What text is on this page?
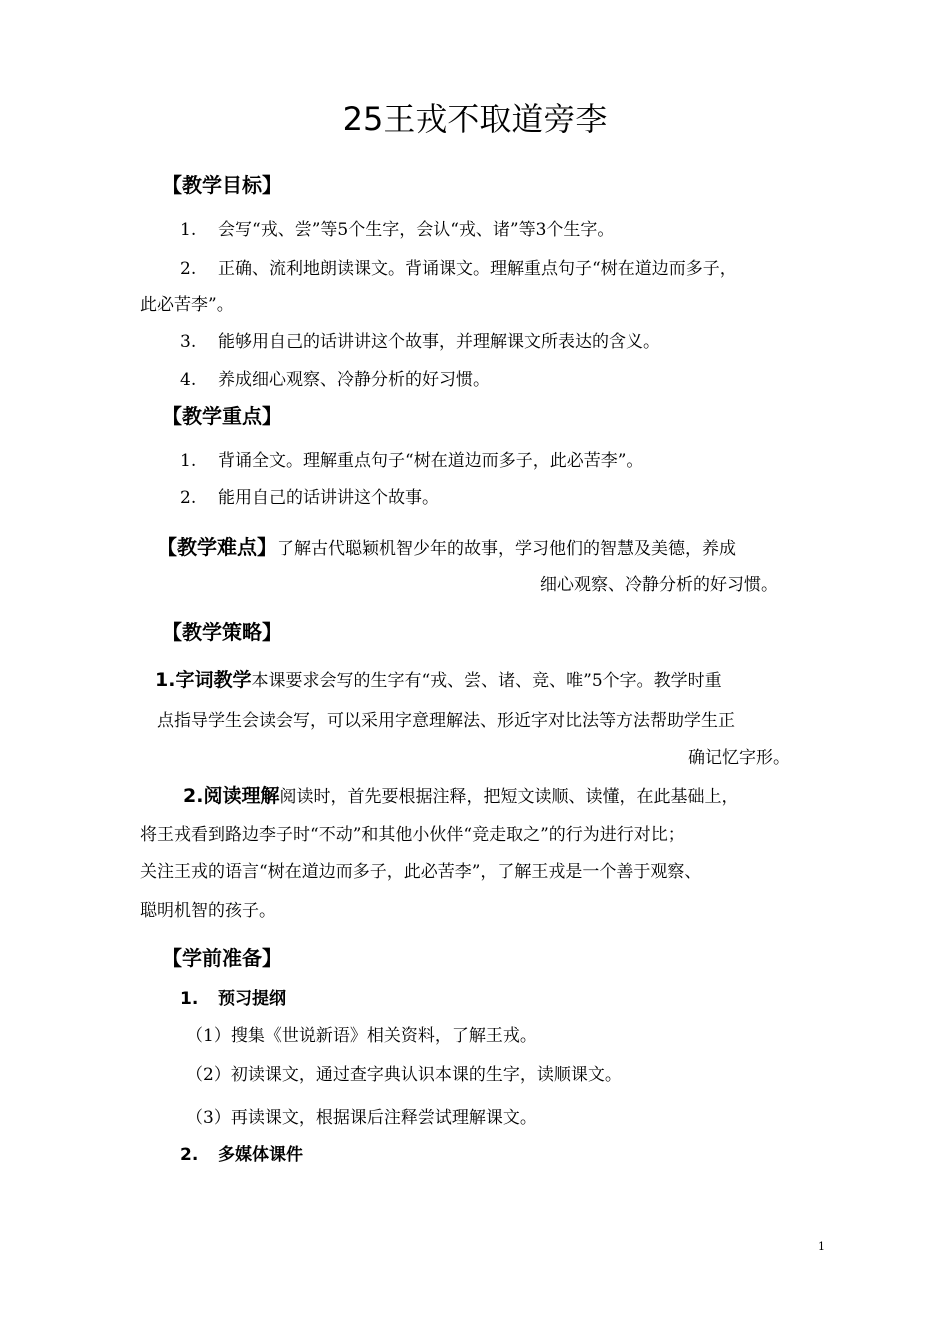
25王戎不取道旁李
【教学目标】
1. 会写“戎、尝”等5个生字，会认“戎、诸”等3个生字。
2. 正确、流利地朗读课文。背诵课文。理解重点句子“树在道边而多子，
此必苦李”。
3. 能够用自己的话讲讲这个故事，并理解课文所表达的含义。
4. 养成细心观察、冷静分析的好习惯。
【教学重点】
1. 背诵全文。理解重点句子“树在道边而多子，此必苦李”。
2. 能用自己的话讲讲这个故事。
【教学难点】了解古代聪颖机智少年的故事，学习他们的智慧及美德，养成
细心观察、冷静分析的好习惯。
【教学策略】
1.字词教学本课要求会写的生字有“戎、尝、诸、竞、唯”5个字。教学时重
点指导学生会读会写，可以采用字意理解法、形近字对比法等方法帮助学生正
确记忆字形。
2.阅读理解阅读时，首先要根据注释，把短文读顺、读懂，在此基础上，
将王戎看到路边李子时“不动”和其他小伙伴“竞走取之”的行为进行对比；
关注王戎的语言“树在道边而多子，此必苦李”，了解王戎是一个善于观察、
聪明机智的孩子。
【学前准备】
1. 预习提纲
（1）搜集《世说新语》相关资料，了解王戎。
（2）初读课文，通过查字典认识本课的生字，读顺课文。
（3）再读课文，根据课后注释尝试理解课文。
2. 多媒体课件
1
